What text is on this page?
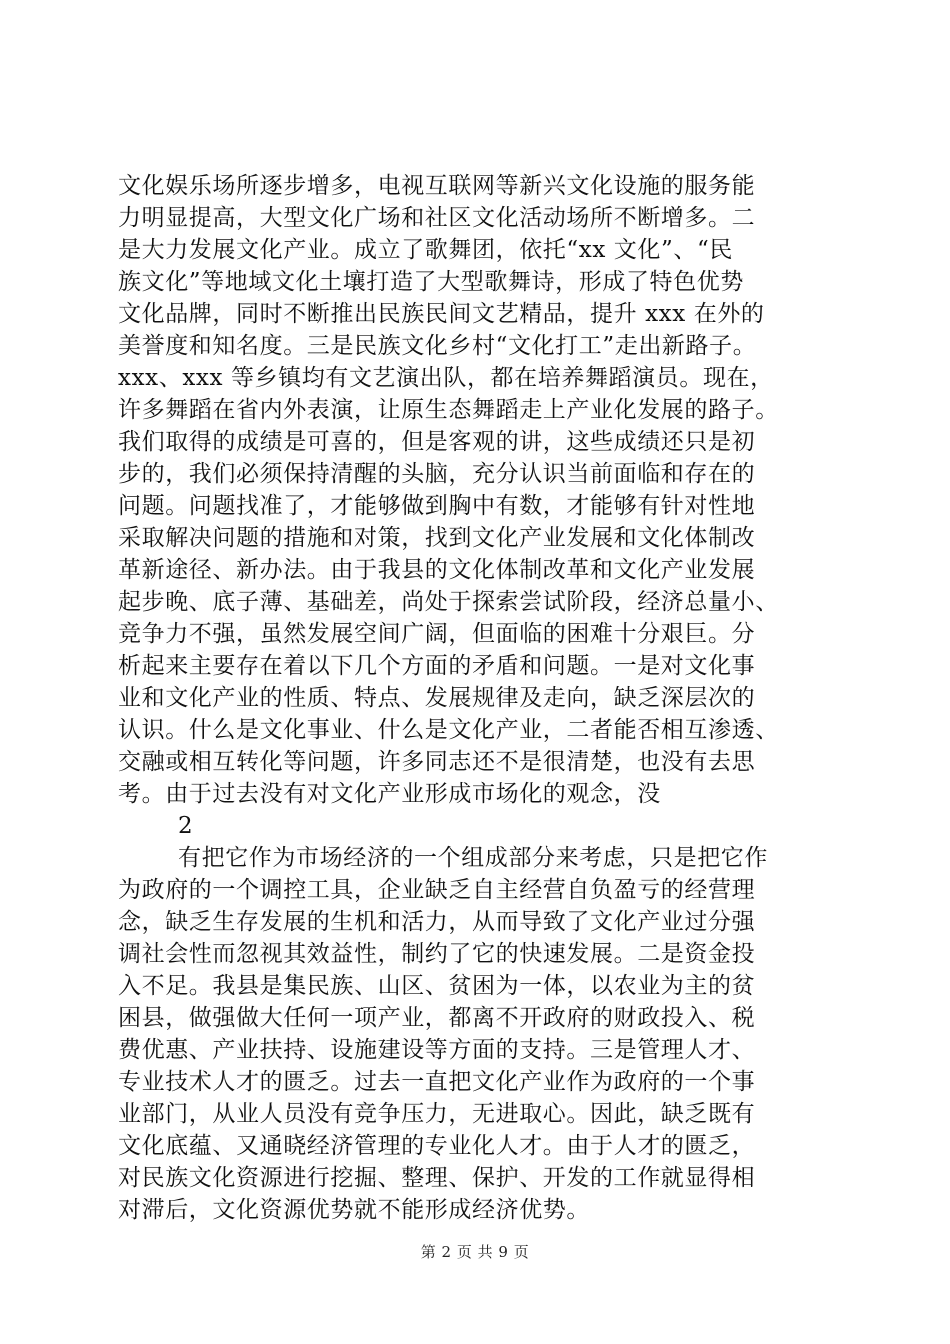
文化娱乐场所逐步增多，电视互联网等新兴文化设施的服务能
力明显提高，大型文化广场和社区文化活动场所不断增多。二
是大力发展文化产业。成立了歌舞团，依托“xx 文化”、“民
族文化”等地域文化土壤打造了大型歌舞诗，形成了特色优势
文化品牌，同时不断推出民族民间文艺精品，提升 xxx 在外的
美誉度和知名度。三是民族文化乡村“文化打工”走出新路子。
xxx、xxx 等乡镇均有文艺演出队，都在培养舞蹈演员。现在，
许多舞蹈在省内外表演，让原生态舞蹈走上产业化发展的路子。
我们取得的成绩是可喜的，但是客观的讲，这些成绩还只是初
步的，我们必须保持清醒的头脑，充分认识当前面临和存在的
问题。问题找准了，才能够做到胸中有数，才能够有针对性地
采取解决问题的措施和对策，找到文化产业发展和文化体制改
革新途径、新办法。由于我县的文化体制改革和文化产业发展
起步晚、底子薄、基础差，尚处于探索尝试阶段，经济总量小、
竞争力不强，虽然发展空间广阔，但面临的困难十分艰巨。分
析起来主要存在着以下几个方面的矛盾和问题。一是对文化事
业和文化产业的性质、特点、发展规律及走向，缺乏深层次的
认识。什么是文化事业、什么是文化产业，二者能否相互渗透、
交融或相互转化等问题，许多同志还不是很清楚，也没有去思
考。由于过去没有对文化产业形成市场化的观念，没
2
有把它作为市场经济的一个组成部分来考虑，只是把它作
为政府的一个调控工具，企业缺乏自主经营自负盈亏的经营理
念，缺乏生存发展的生机和活力，从而导致了文化产业过分强
调社会性而忽视其效益性，制约了它的快速发展。二是资金投
入不足。我县是集民族、山区、贫困为一体，以农业为主的贫
困县，做强做大任何一项产业，都离不开政府的财政投入、税
费优惠、产业扶持、设施建设等方面的支持。三是管理人才、
专业技术人才的匮乏。过去一直把文化产业作为政府的一个事
业部门，从业人员没有竞争压力，无进取心。因此，缺乏既有
文化底蕴、又通晓经济管理的专业化人才。由于人才的匮乏，
对民族文化资源进行挖掘、整理、保护、开发的工作就显得相
对滞后，文化资源优势就不能形成经济优势。
第 2 页 共 9 页
